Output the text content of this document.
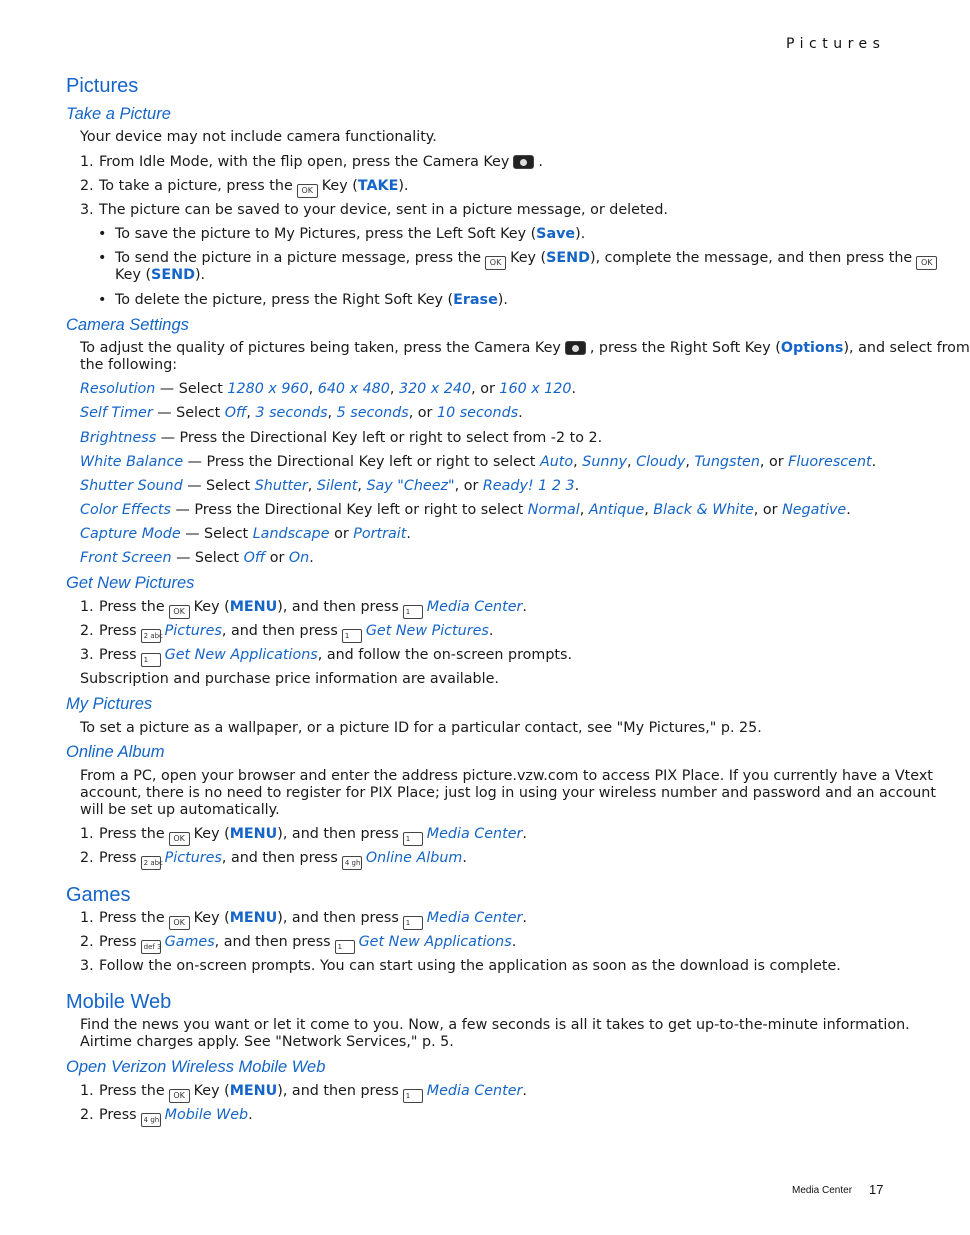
Pictures
Pictures
Take a Picture
Your device may not include camera functionality.
1. From Idle Mode, with the flip open, press the Camera Key .
2. To take a picture, press the OK Key (TAKE).
3. The picture can be saved to your device, sent in a picture message, or deleted.
• To save the picture to My Pictures, press the Left Soft Key (Save).
• To send the picture in a picture message, press the OK Key (SEND), complete the message, and then press the OK
Key (SEND).
• To delete the picture, press the Right Soft Key (Erase).
Camera Settings
To adjust the quality of pictures being taken, press the Camera Key , press the Right Soft Key (Options), and select from
the following:
Resolution — Select 1280 x 960, 640 x 480, 320 x 240, or 160 x 120.
Self Timer — Select Off, 3 seconds, 5 seconds, or 10 seconds.
Brightness — Press the Directional Key left or right to select from -2 to 2.
White Balance — Press the Directional Key left or right to select Auto, Sunny, Cloudy, Tungsten, or Fluorescent.
Shutter Sound — Select Shutter, Silent, Say "Cheez", or Ready! 1 2 3.
Color Effects — Press the Directional Key left or right to select Normal, Antique, Black & White, or Negative.
Capture Mode — Select Landscape or Portrait.
Front Screen — Select Off or On.
Get New Pictures
1. Press the OK Key (MENU), and then press 1 Media Center.
2. Press 2 abc Pictures, and then press 1 Get New Pictures.
3. Press 1 Get New Applications, and follow the on-screen prompts.
Subscription and purchase price information are available.
My Pictures
To set a picture as a wallpaper, or a picture ID for a particular contact, see "My Pictures," p. 25.
Online Album
From a PC, open your browser and enter the address picture.vzw.com to access PIX Place. If you currently have a Vtext
account, there is no need to register for PIX Place; just log in using your wireless number and password and an account
will be set up automatically.
1. Press the OK Key (MENU), and then press 1 Media Center.
2. Press 2 abc Pictures, and then press 4 ghi Online Album.
Games
1. Press the OK Key (MENU), and then press 1 Media Center.
2. Press def 3 Games, and then press 1 Get New Applications.
3. Follow the on-screen prompts. You can start using the application as soon as the download is complete.
Mobile Web
Find the news you want or let it come to you. Now, a few seconds is all it takes to get up-to-the-minute information.
Airtime charges apply. See "Network Services," p. 5.
Open Verizon Wireless Mobile Web
1. Press the OK Key (MENU), and then press 1 Media Center.
2. Press 4 ghi Mobile Web.
Media Center 17
